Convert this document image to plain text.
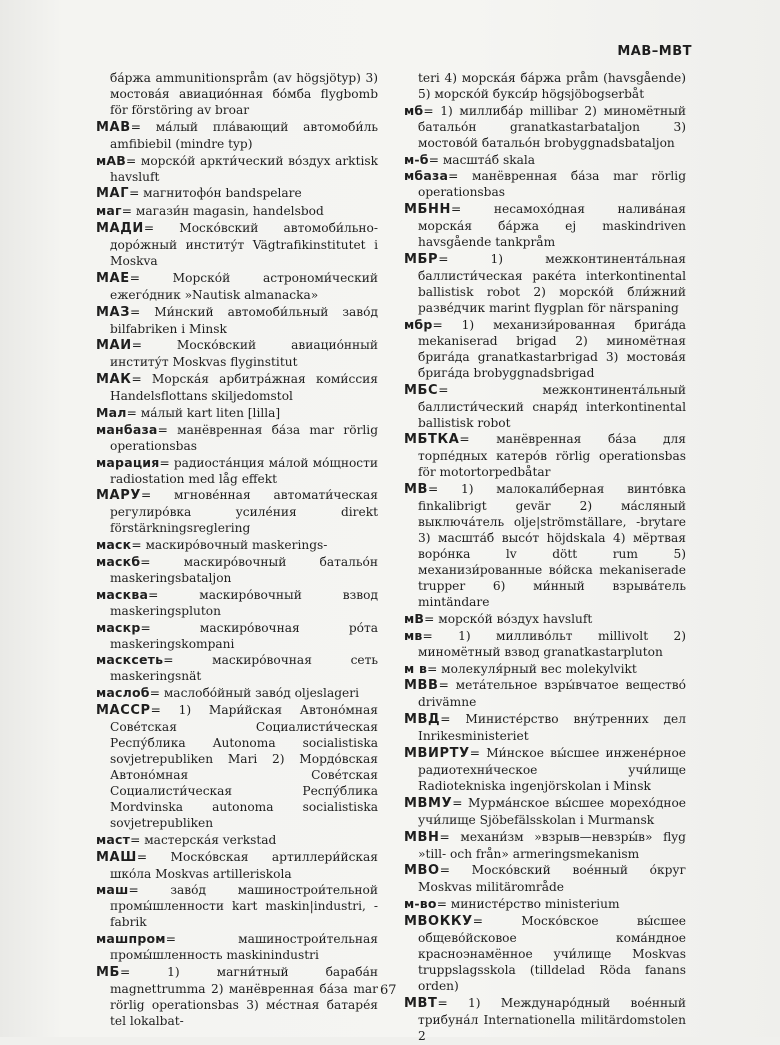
MAB–MBT

ба́ржа ammunitionspråm (av högsjötyp) 3) мостова́я авиацио́нная бо́мба flygbomb för förstöring av broar

МАВ= ма́лый пла́вающий автомоби́ль amfibiebil (mindre typ)

мАВ= морско́й аркти́ческий во́здух arktisk havsluft

МАГ= магнитофо́н bandspelare

маг= магази́н magasin, handelsbod

МАДИ= Моско́вский автомоби́льно-доро́жный институ́т Vägtrafikinstitutet i Moskva

МАЕ= Морско́й астрономи́ческий ежего́дник »Nautisk almanacka»

МАЗ= Ми́нский автомоби́льный заво́д bilfabriken i Minsk

МАИ= Моско́вский авиацио́нный институ́т Moskvas flyginstitut

МАК= Морска́я арбитра́жная коми́ссия Handelsflottans skiljedomstol

Мал= ма́лый kart liten [lilla]

манбаза= манёвренная ба́за mar rörlig operationsbas

марация= радиоста́нция ма́лой мо́щности radiostation med låg effekt

МАРУ= мгнове́нная автомати́ческая регулиро́вка усиле́ния direkt förstärkningsreglering

маск= маскиро́вочный maskerings-

маскб= маскиро́вочный батальо́н maskeringsbataljon

масква= маскиро́вочный взвод maskeringspluton

маскр= маскиро́вочная ро́та maskeringskompani

масксеть= маскиро́вочная сеть maskeringsnät

маслоб= маслобо́йный заво́д oljeslageri

МАССР= 1) Мари́йская Автоно́мная Сове́тская Социалисти́ческая Респу́блика Autonoma socialistiska sovjetrepubliken Mari 2) Мордо́вская Автоно́мная Сове́тская Социалисти́ческая Респу́блика Mordvinska autonoma socialistiska sovjetrepubliken

маст= мастерска́я verkstad

МАШ= Моско́вская артиллери́йская шко́ла Moskvas artilleriskola

маш= заво́д машинострои́тельной промы́шленности kart maskin|industri, -fabrik

машпром= машинострои́тельная промы́шленность maskinindustri

МБ= 1) магни́тный бараба́н magnettrumma 2) манёвренная ба́за mar rörlig operationsbas 3) ме́стная батаре́я tel lokalbat-

teri 4) морска́я ба́ржа pråm (havsgående) 5) морско́й букси́р högsjöbogserbåt

мб= 1) миллиба́р millibar 2) миномётный батальо́н granatkastarbataljon 3) мостово́й батальо́н brobyggnadsbataljon

м-б= масшта́б skala

мбаза= манёвренная ба́за mar rörlig operationsbas

МБНН= несамохо́дная налива́ная морска́я ба́ржа ej maskindriven havsgående tankpråm

МБР= 1) межконтинента́льная баллисти́ческая раке́та interkontinental ballistisk robot 2) морско́й бли́жний разве́дчик marint flygplan för närspaning

мбр= 1) механизи́рованная брига́да mekaniserad brigad 2) миномётная брига́да granatkastarbrigad 3) мостова́я брига́да brobyggnadsbrigad

МБС= межконтинента́льный баллисти́ческий снаря́д interkontinental ballistisk robot

МБТКА= манёвренная ба́за для торпе́дных катеро́в rörlig operationsbas för motortorpedbåtar

МВ= 1) малокали́берная винто́вка finkalibrigt gevär 2) ма́сляный выключа́тель olje|strömställare, -brytare 3) масшта́б высо́т höjdskala 4) мёртвая воро́нка lv dött rum 5) механизи́рованные во́йска mekaniserade trupper 6) ми́нный взрыва́тель mintändare

мВ= морско́й во́здух havsluft

мв= 1) милливо́льт millivolt 2) миномётный взвод granatkastarpluton

м в= молекуля́рный вес molekylvikt

МВВ= мета́тельное взры́вчатое вещество́ drivämne

МВД= Министе́рство вну́тренних дел Inrikesministeriet

МВИРТУ= Ми́нское вы́сшее инжене́рное радиотехни́ческое учи́лище Radiotekniska ingenjörskolan i Minsk

МВМУ= Мурма́нское вы́сшее морехо́дное учи́лище Sjöbefälsskolan i Murmansk

МВН= механи́зм »взрыв—невзры́в» flyg »till- och från» armeringsmekanism

МВО= Моско́вский вое́нный о́круг Moskvas militärområde

м-во= министе́рство ministerium

МВОККУ= Моско́вское вы́сшее общево́йсковое кома́ндное красноэнамённое учи́лище Moskvas truppslagsskola (tilldelad Röda fanans orden)

МВТ= 1) Междунаро́дный вое́нный трибуна́л Internationella militärdomstolen 2

67
